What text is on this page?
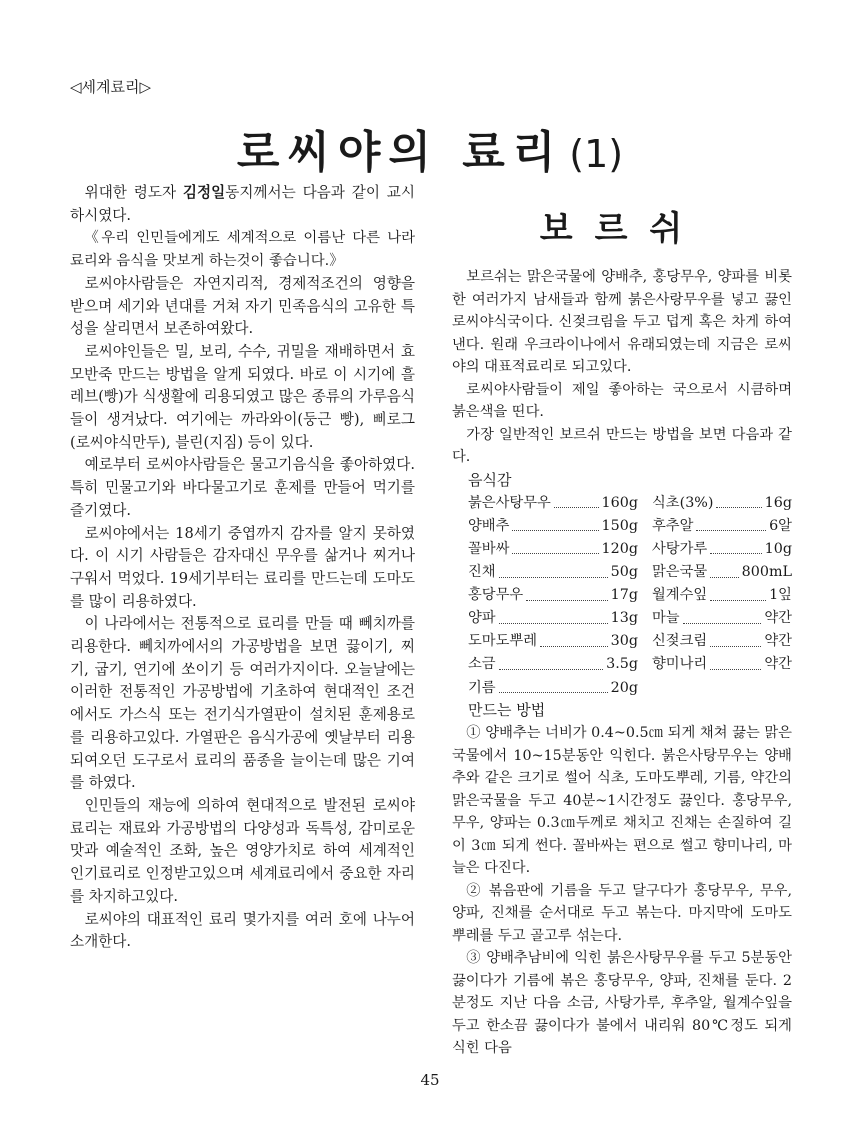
◁세계료리▷
로씨야의 료리 (1)

위대한 령도자 김정일동지께서는 다음과 같이 교시하시였다.

《우리 인민들에게도 세계적으로 이름난 다른 나라 료리와 음식을 맛보게 하는것이 좋습니다.》

로씨야사람들은 자연지리적, 경제적조건의 영향을 받으며 세기와 년대를 거쳐 자기 민족음식의 고유한 특성을 살리면서 보존하여왔다.

로씨야인들은 밀, 보리, 수수, 귀밀을 재배하면서 효모반죽 만드는 방법을 알게 되였다. 바로 이 시기에 흘레브(빵)가 식생활에 리용되였고 많은 종류의 가루음식들이 생겨났다. 여기에는 까라와이(둥근 빵), 삐로그(로씨야식만두), 블린(지짐) 등이 있다.

예로부터 로씨야사람들은 물고기음식을 좋아하였다. 특히 민물고기와 바다물고기로 훈제를 만들어 먹기를 즐기였다.

로씨야에서는 18세기 중엽까지 감자를 알지 못하였다. 이 시기 사람들은 감자대신 무우를 삶거나 찌거나 구워서 먹었다. 19세기부터는 료리를 만드는데 도마도를 많이 리용하였다.

이 나라에서는 전통적으로 료리를 만들 때 뻬치까를 리용한다. 뻬치까에서의 가공방법을 보면 끓이기, 찌기, 굽기, 연기에 쏘이기 등 여러가지이다. 오늘날에는 이러한 전통적인 가공방법에 기초하여 현대적인 조건에서도 가스식 또는 전기식가열판이 설치된 훈제용로를 리용하고있다. 가열판은 음식가공에 옛날부터 리용되여오던 도구로서 료리의 품종을 늘이는데 많은 기여를 하였다.

인민들의 재능에 의하여 현대적으로 발전된 로씨야료리는 재료와 가공방법의 다양성과 독특성, 감미로운 맛과 예술적인 조화, 높은 영양가치로 하여 세계적인 인기료리로 인정받고있으며 세계료리에서 중요한 자리를 차지하고있다.

로씨야의 대표적인 료리 몇가지를 여러 호에 나누어 소개한다.

보르쉬

보르쉬는 맑은국물에 양배추, 홍당무우, 양파를 비롯한 여러가지 남새들과 함께 붉은사랑무우를 넣고 끓인 로씨야식국이다. 신젖크림을 두고 덥게 혹은 차게 하여 낸다. 원래 우크라이나에서 유래되였는데 지금은 로씨야의 대표적료리로 되고있다.

로씨야사람들이 제일 좋아하는 국으로서 시큼하며 붉은색을 띤다.

가장 일반적인 보르쉬 만드는 방법을 보면 다음과 같다.

음식감
붉은사탕무우 160g	식초(3%) 16g

양배추 150g	후추알 6알

꼴바싸 120g	사탕가루 10g

진채 50g	맑은국물 800mL

홍당무우 17g	월계수잎 1잎

양파 13g	마늘 약간

도마도뿌레 30g	신젖크림 약간

소금 3.5g	향미나리 약간

기름 20g	

만드는 방법

① 양배추는 너비가 0.4~0.5㎝ 되게 채쳐 끓는 맑은국물에서 10~15분동안 익힌다. 붉은사탕무우는 양배추와 같은 크기로 썰어 식초, 도마도뿌레, 기름, 약간의 맑은국물을 두고 40분~1시간정도 끓인다. 홍당무우, 무우, 양파는 0.3㎝두께로 채치고 진채는 손질하여 길이 3㎝ 되게 썬다. 꼴바싸는 편으로 썰고 향미나리, 마늘은 다진다.

② 볶음판에 기름을 두고 달구다가 홍당무우, 무우, 양파, 진채를 순서대로 두고 볶는다. 마지막에 도마도뿌레를 두고 골고루 섞는다.

③ 양배추남비에 익힌 붉은사탕무우를 두고 5분동안 끓이다가 기름에 볶은 홍당무우, 양파, 진채를 둔다. 2분정도 지난 다음 소금, 사탕가루, 후추알, 월계수잎을 두고 한소끔 끓이다가 불에서 내리워 80℃정도 되게 식힌 다음

45
